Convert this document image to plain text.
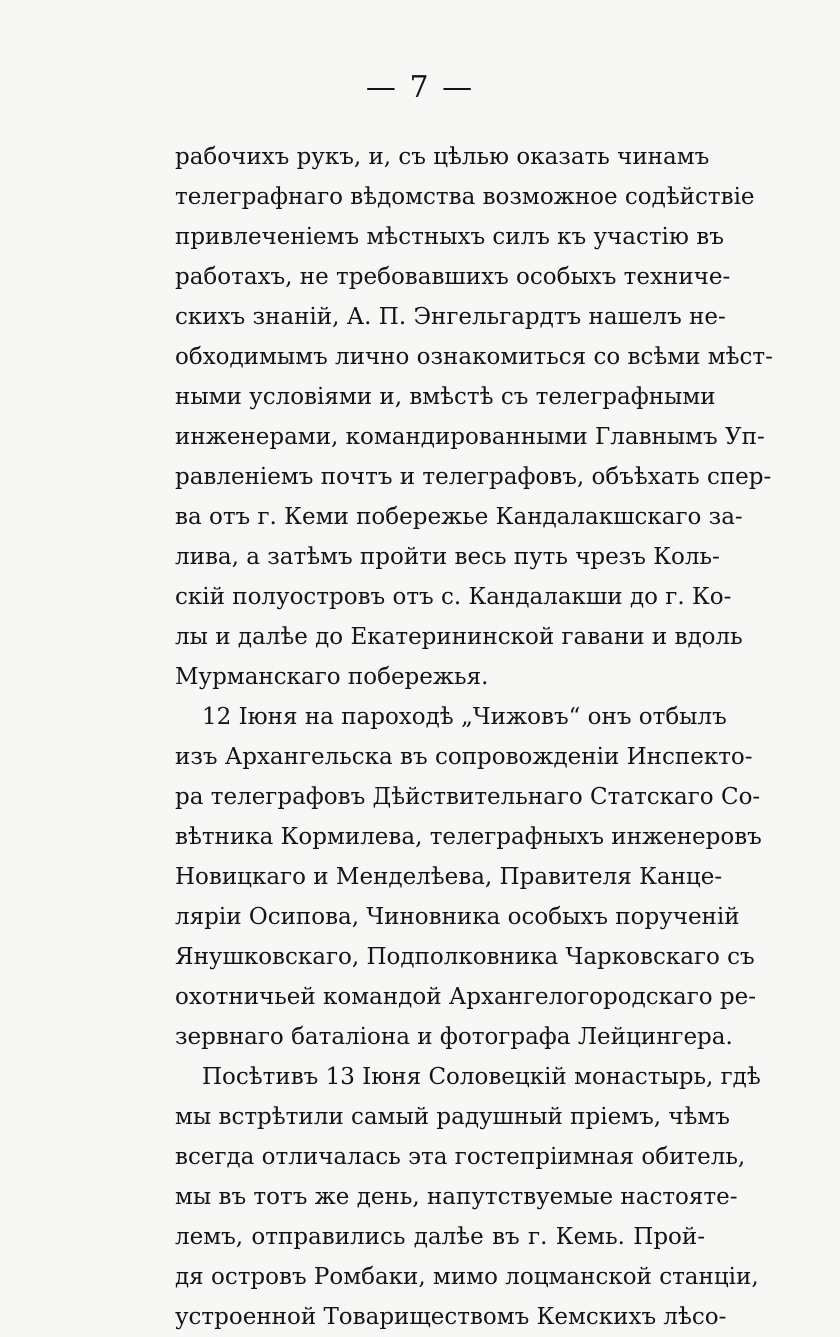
— 7 —
рабочихъ рукъ, и, съ цѣлью оказать чинамъ
телеграфнаго вѣдомства возможное содѣйствіе
привлеченіемъ мѣстныхъ силъ къ участію въ
работахъ, не требовавшихъ особыхъ техниче-
скихъ знаній, А. П. Энгельгардтъ нашелъ не-
обходимымъ лично ознакомиться со всѣми мѣст-
ными условіями и, вмѣстѣ съ телеграфными
инженерами, командированными Главнымъ Уп-
равленіемъ почтъ и телеграфовъ, объѣхать спер-
ва отъ г. Кеми побережье Кандалакшскаго за-
лива, а затѣмъ пройти весь путь чрезъ Коль-
скій полуостровъ отъ с. Кандалакши до г. Ко-
лы и далѣе до Екатерининской гавани и вдоль
Мурманскаго побережья.
12 Іюня на пароходѣ „Чижовъ“ онъ отбылъ
изъ Архангельска въ сопровожденіи Инспекто-
ра телеграфовъ Дѣйствительнаго Статскаго Со-
вѣтника Кормилева, телеграфныхъ инженеровъ
Новицкаго и Менделѣева, Правителя Канце-
ляріи Осипова, Чиновника особыхъ порученій
Янушковскаго, Подполковника Чарковскаго съ
охотничьей командой Архангелогородскаго ре-
зервнаго баталіона и фотографа Лейцингера.
Посѣтивъ 13 Іюня Соловецкій монастырь, гдѣ
мы встрѣтили самый радушный пріемъ, чѣмъ
всегда отличалась эта гостепріимная обитель,
мы въ тотъ же день, напутствуемые настояте-
лемъ, отправились далѣе въ г. Кемь. Прой-
дя островъ Ромбаки, мимо лоцманской станціи,
устроенной Товариществомъ Кемскихъ лѣсо-
